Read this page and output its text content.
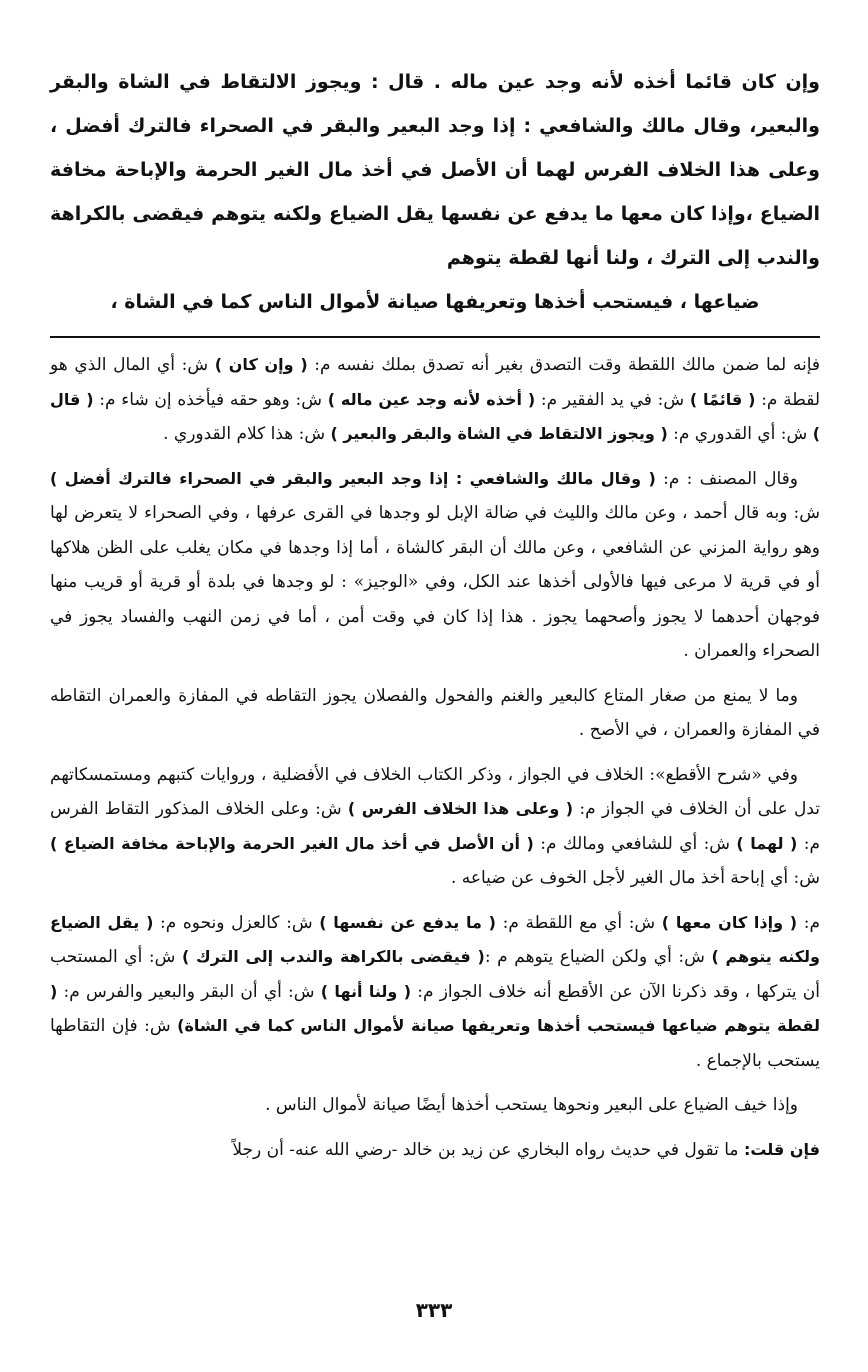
وإن كان قائما أخذه لأنه وجد عين ماله . قال : ويجوز الالتقاط في الشاة والبقر والبعير، وقال مالك والشافعي : إذا وجد البعير والبقر في الصحراء فالترك أفضل ، وعلى هذا الخلاف الفرس لهما أن الأصل في أخذ مال الغير الحرمة والإباحة مخافة الضياع ،وإذا كان معها ما يدفع عن نفسها يقل الضياع ولكنه يتوهم فيقضى بالكراهة والندب إلى الترك ، ولنا أنها لقطة يتوهم
ضياعها ، فيستحب أخذها وتعريفها صيانة لأموال الناس كما في الشاة ،

فإنه لما ضمن مالك اللقطة وقت التصدق بغير أنه تصدق بملك نفسه م: ( وإن كان ) ش: أي المال الذي هو لقطة م: ( قائمًا ) ش: في يد الفقير م: ( أخذه لأنه وجد عين ماله ) ش: وهو حقه فيأخذه إن شاء م: ( قال ) ش: أي القدوري م: ( ويجوز الالتقاط في الشاة والبقر والبعير ) ش: هذا كلام القدوري .

وقال المصنف : م: ( وقال مالك والشافعي : إذا وجد البعير والبقر في الصحراء فالترك أفضل ) ش: وبه قال أحمد ، وعن مالك والليث في ضالة الإبل لو وجدها في القرى عرفها ، وفي الصحراء لا يتعرض لها وهو رواية المزني عن الشافعي ، وعن مالك أن البقر كالشاة ، أما إذا وجدها في مكان يغلب على الظن هلاكها أو في قرية لا مرعى فيها فالأولى أخذها عند الكل، وفي «الوجيز» : لو وجدها في بلدة أو قرية أو قريب منها فوجهان أحدهما لا يجوز وأصحهما يجوز . هذا إذا كان في وقت أمن ، أما في زمن النهب والفساد يجوز في الصحراء والعمران .

وما لا يمنع من صغار المتاع كالبعير والغنم والفحول والفصلان يجوز التقاطه في المفازة والعمران التقاطه في المفازة والعمران ، في الأصح .

وفي «شرح الأقطع»: الخلاف في الجواز ، وذكر الكتاب الخلاف في الأفضلية ، وروايات كتبهم ومستمسكاتهم تدل على أن الخلاف في الجواز م: ( وعلى هذا الخلاف الفرس ) ش: وعلى الخلاف المذكور التقاط الفرس م: ( لهما ) ش: أي للشافعي ومالك م: ( أن الأصل في أخذ مال الغير الحرمة والإباحة مخافة الضياع ) ش: أي إباحة أخذ مال الغير لأجل الخوف عن ضياعه .

م: ( وإذا كان معها ) ش: أي مع اللقطة م: ( ما يدفع عن نفسها ) ش: كالعزل ونحوه م: ( يقل الضياع ولكنه يتوهم ) ش: أي ولكن الضياع يتوهم م :( فيقضى بالكراهة والندب إلى الترك ) ش: أي المستحب أن يتركها ، وقد ذكرنا الآن عن الأقطع أنه خلاف الجواز م: ( ولنا أنها ) ش: أي أن البقر والبعير والفرس م: ( لقطة يتوهم ضياعها فيستحب أخذها وتعريفها صيانة لأموال الناس كما في الشاة) ش: فإن التقاطها يستحب بالإجماع .

وإذا خيف الضياع على البعير ونحوها يستحب أخذها أيضًا صيانة لأموال الناس .

فإن قلت: ما تقول في حديث رواه البخاري عن زيد بن خالد -رضي الله عنه- أن رجلاً

٣٣٣
